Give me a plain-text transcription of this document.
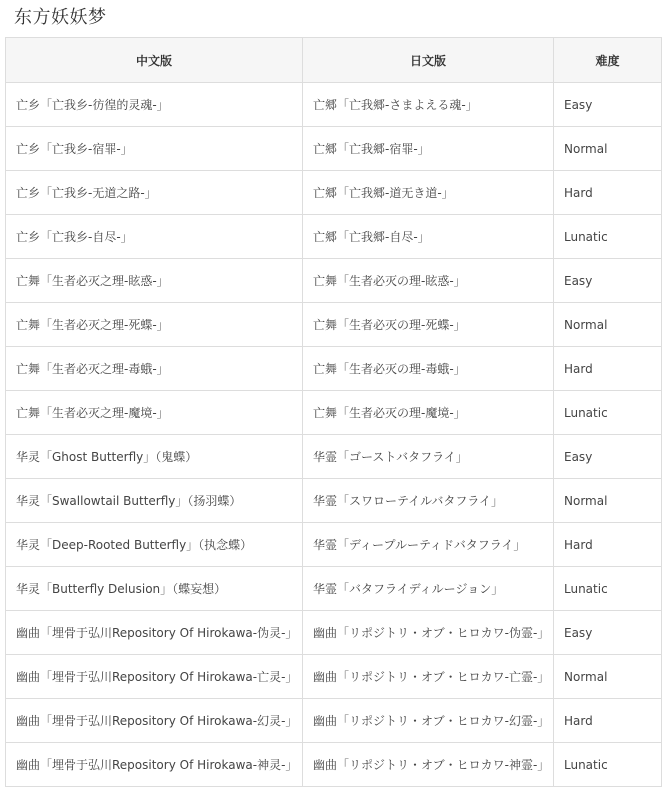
东方妖妖梦
中文版	日文版	难度
亡乡「亡我乡-彷徨的灵魂-」	亡郷「亡我郷-さまよえる魂-」	Easy
亡乡「亡我乡-宿罪-」	亡郷「亡我郷-宿罪-」	Normal
亡乡「亡我乡-无道之路-」	亡郷「亡我郷-道无き道-」	Hard
亡乡「亡我乡-自尽-」	亡郷「亡我郷-自尽-」	Lunatic
亡舞「生者必灭之理-眩惑-」	亡舞「生者必灭の理-眩惑-」	Easy
亡舞「生者必灭之理-死蝶-」	亡舞「生者必灭の理-死蝶-」	Normal
亡舞「生者必灭之理-毒蛾-」	亡舞「生者必灭の理-毒蛾-」	Hard
亡舞「生者必灭之理-魔境-」	亡舞「生者必灭の理-魔境-」	Lunatic
华灵「Ghost Butterfly」（鬼蝶）	华霊「ゴーストバタフライ」	Easy
华灵「Swallowtail Butterfly」（扬羽蝶）	华霊「スワローテイルバタフライ」	Normal
华灵「Deep-Rooted Butterfly」（执念蝶）	华霊「ディープルーティドバタフライ」	Hard
华灵「Butterfly Delusion」（蝶妄想）	华霊「バタフライディルージョン」	Lunatic
幽曲「埋骨于弘川Repository Of Hirokawa-伪灵-」	幽曲「リポジトリ・オブ・ヒロカワ-伪霊-」	Easy
幽曲「埋骨于弘川Repository Of Hirokawa-亡灵-」	幽曲「リポジトリ・オブ・ヒロカワ-亡霊-」	Normal
幽曲「埋骨于弘川Repository Of Hirokawa-幻灵-」	幽曲「リポジトリ・オブ・ヒロカワ-幻霊-」	Hard
幽曲「埋骨于弘川Repository Of Hirokawa-神灵-」	幽曲「リポジトリ・オブ・ヒロカワ-神霊-」	Lunatic
